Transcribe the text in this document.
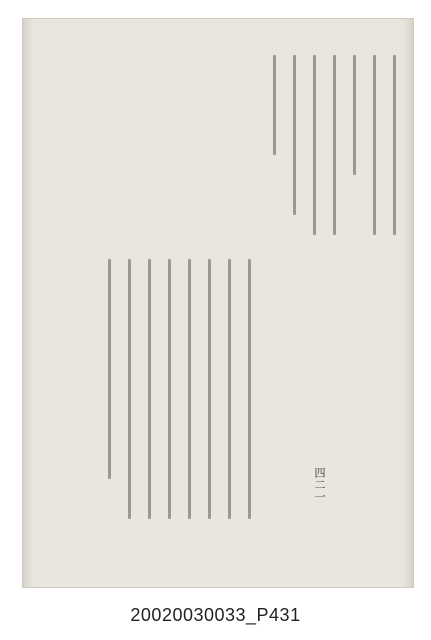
四二一
20020030033_P431
